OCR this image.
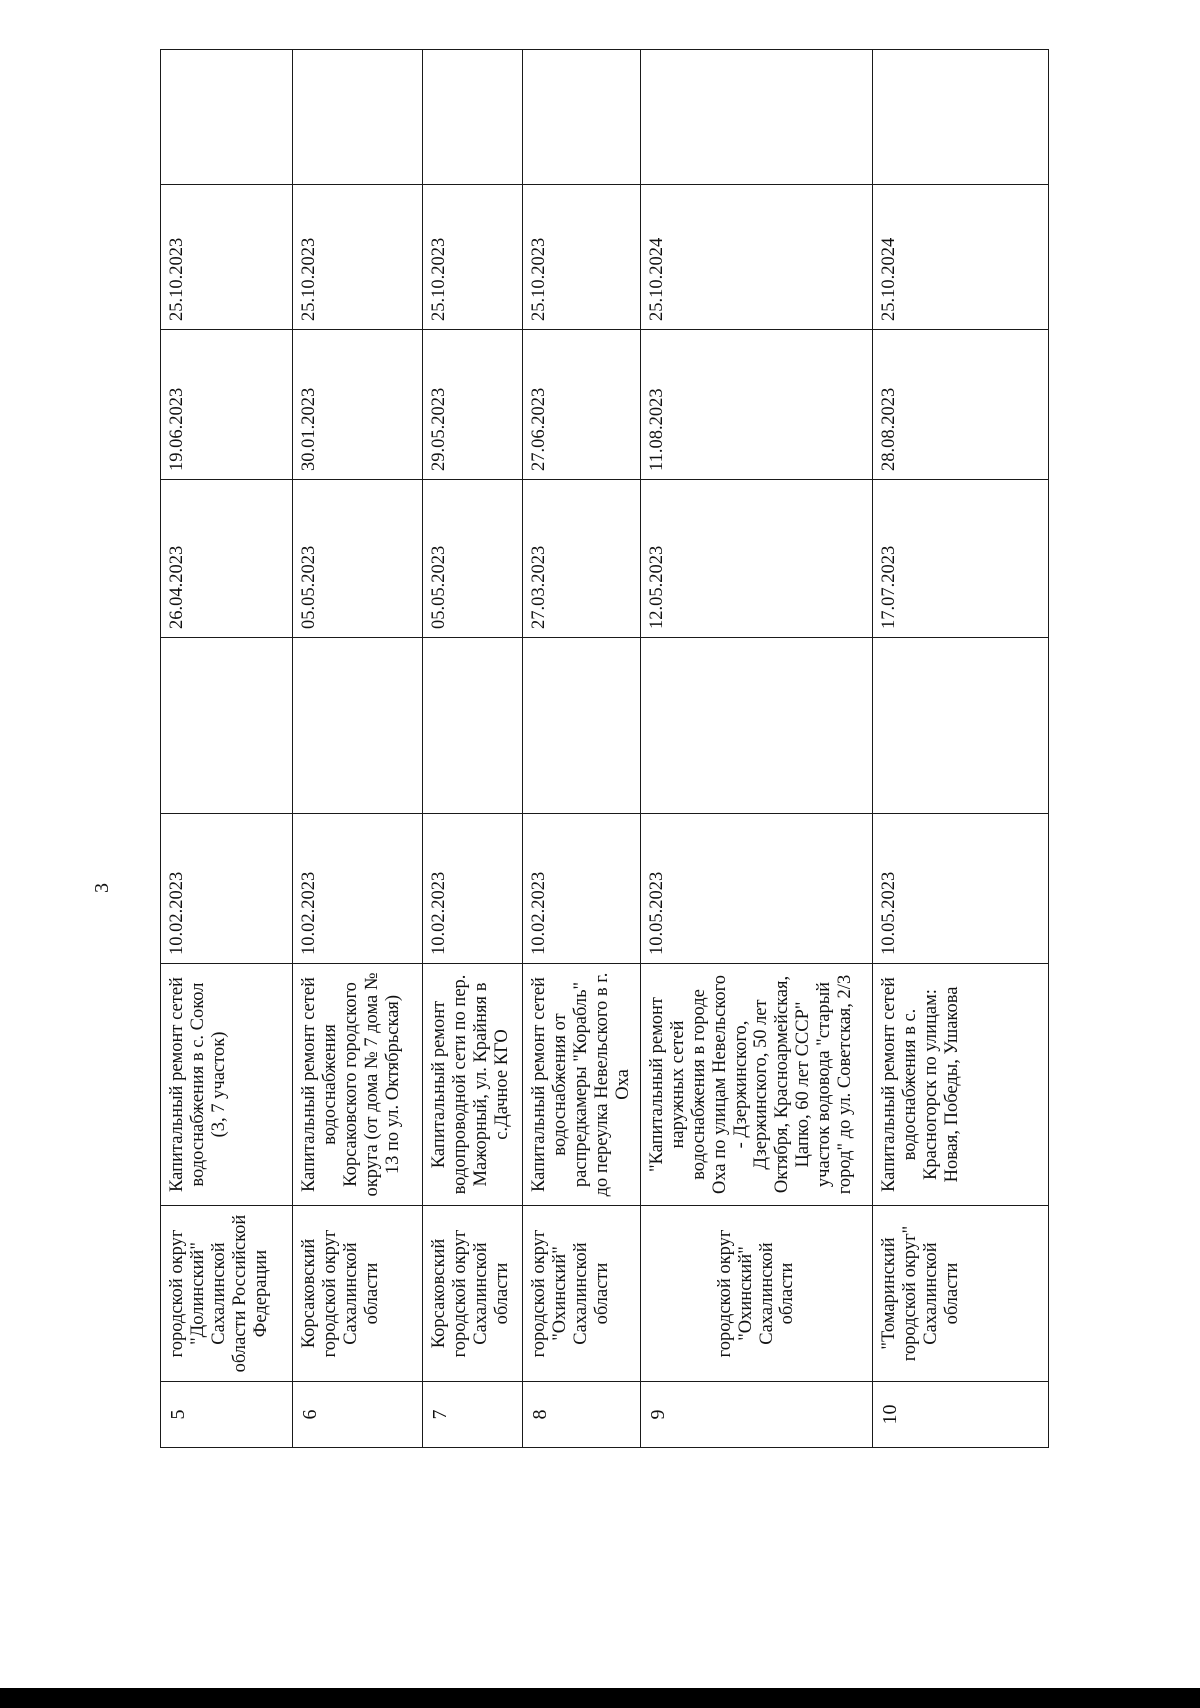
3
5	городской округ "Долинский" Сахалинской области Российской Федерации	Капитальный ремонт сетей водоснабжения в с. Сокол (3, 7 участок)	10.02.2023		26.04.2023	19.06.2023	25.10.2023	
6	Корсаковский городской округ Сахалинской области	Капитальный ремонт сетей водоснабжения Корсаковского городского округа (от дома № 7 дома № 13 по ул. Октябрьская)	10.02.2023		05.05.2023	30.01.2023	25.10.2023	
7	Корсаковский городской округ Сахалинской области	Капитальный ремонт водопроводной сети по пер. Мажорный, ул. Крайняя в с.Дачное КГО	10.02.2023		05.05.2023	29.05.2023	25.10.2023	
8	городской округ "Охинский" Сахалинской области	Капитальный ремонт сетей водоснабжения от распредкамеры "Корабль" до переулка Невельского в г. Оха	10.02.2023		27.03.2023	27.06.2023	25.10.2023	
9	городской округ "Охинский" Сахалинской области	"Капитальный ремонт наружных сетей водоснабжения в городе Оха по улицам Невельского - Дзержинского, Дзержинского, 50 лет Октября, Красноармейская, Цапко, 60 лет СССР" участок водовода "старый город" до ул. Советская, 2/3	10.05.2023		12.05.2023	11.08.2023	25.10.2024	
10	"Томаринский городской округ" Сахалинской области	Капитальный ремонт сетей водоснабжения в с. Красногорск по улицам: Новая, Победы, Ушакова	10.05.2023		17.07.2023	28.08.2023	25.10.2024	
